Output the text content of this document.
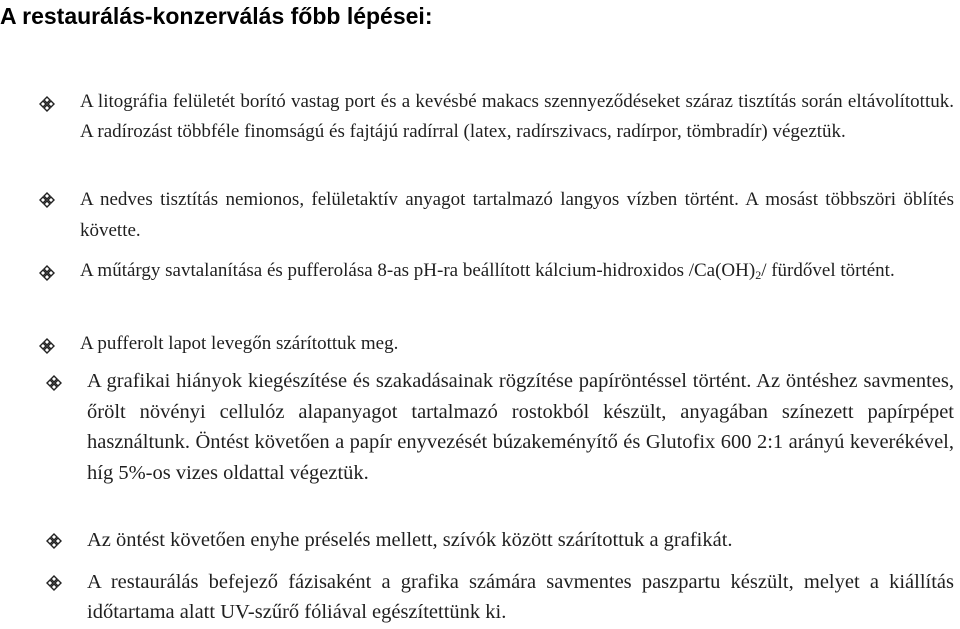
A restaurálás-konzerválás főbb lépései:
A litográfia felületét borító vastag port és a kevésbé makacs szennyeződéseket száraz tisztítás során eltávolítottuk. A radírozást többféle finomságú és fajtájú radírral (latex, radírszivacs, radírpor, tömbradír) végeztük.
A nedves tisztítás nemionos, felületaktív anyagot tartalmazó langyos vízben történt. A mosást többszöri öblítés követte.
A műtárgy savtalanítása és pufferolása 8-as pH-ra beállított kálcium-hidroxidos $/Ca(OH)_2/$ fürdővel történt.
A pufferolt lapot levegőn szárítottuk meg.
A grafikai hiányok kiegészítése és szakadásainak rögzítése papíröntéssel történt. Az öntéshez savmentes, őrölt növényi cellulóz alapanyagot tartalmazó rostokból készült, anyagában színezett papírpépet használtunk. Öntést követően a papír enyvezését búzakeményítő és Glutofix 600 2:1 arányú keverékével, híg 5%-os vizes oldattal végeztük.
Az öntést követően enyhe préselés mellett, szívók között szárítottuk a grafikát.
A restaurálás befejező fázisaként a grafika számára savmentes paszpartu készült, melyet a kiállítás időtartama alatt UV-szűrő fóliával egészítettünk ki.
